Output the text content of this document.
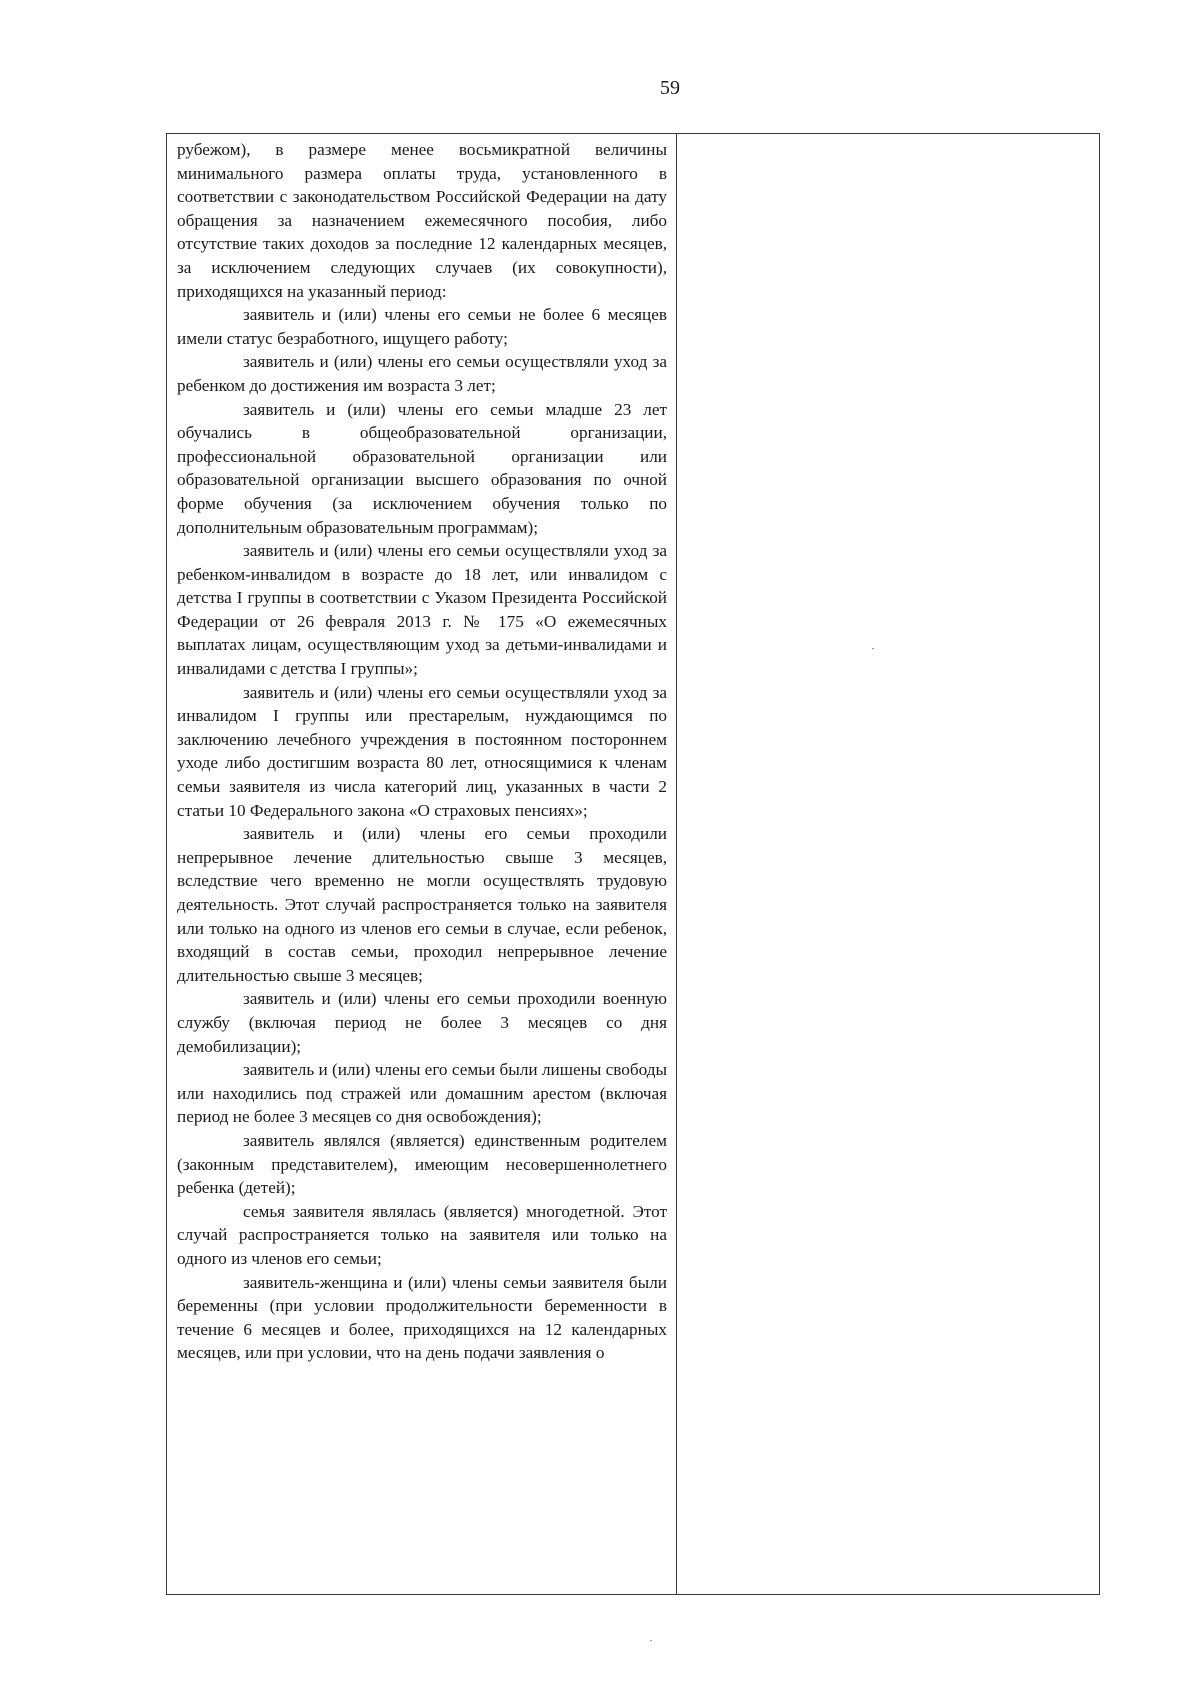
59

рубежом), в размере менее восьмикратной величины минимального размера оплаты труда, установленного в соответствии с законодательством Российской Федерации на дату обращения за назначением ежемесячного пособия, либо отсутствие таких доходов за последние 12 календарных месяцев, за исключением следующих случаев (их совокупности), приходящихся на указанный период:

заявитель и (или) члены его семьи не более 6 месяцев имели статус безработного, ищущего работу;

заявитель и (или) члены его семьи осуществляли уход за ребенком до достижения им возраста 3 лет;

заявитель и (или) члены его семьи младше 23 лет обучались в общеобразовательной организации, профессиональной образовательной организации или образовательной организации высшего образования по очной форме обучения (за исключением обучения только по дополнительным образовательным программам);

заявитель и (или) члены его семьи осуществляли уход за ребенком-инвалидом в возрасте до 18 лет, или инвалидом с детства I группы в соответствии с Указом Президента Российской Федерации от 26 февраля 2013 г. № 175 «О ежемесячных выплатах лицам, осуществляющим уход за детьми-инвалидами и инвалидами с детства I группы»;

заявитель и (или) члены его семьи осуществляли уход за инвалидом I группы или престарелым, нуждающимся по заключению лечебного учреждения в постоянном постороннем уходе либо достигшим возраста 80 лет, относящимися к членам семьи заявителя из числа категорий лиц, указанных в части 2 статьи 10 Федерального закона «О страховых пенсиях»;

заявитель и (или) члены его семьи проходили непрерывное лечение длительностью свыше 3 месяцев, вследствие чего временно не могли осуществлять трудовую деятельность. Этот случай распространяется только на заявителя или только на одного из членов его семьи в случае, если ребенок, входящий в состав семьи, проходил непрерывное лечение длительностью свыше 3 месяцев;

заявитель и (или) члены его семьи проходили военную службу (включая период не более 3 месяцев со дня демобилизации);

заявитель и (или) члены его семьи были лишены свободы или находились под стражей или домашним арестом (включая период не более 3 месяцев со дня освобождения);

заявитель являлся (является) единственным родителем (законным представителем), имеющим несовершеннолетнего ребенка (детей);

семья заявителя являлась (является) многодетной. Этот случай распространяется только на заявителя или только на одного из членов его семьи;

заявитель-женщина и (или) члены семьи заявителя были беременны (при условии продолжительности беременности в течение 6 месяцев и более, приходящихся на 12 календарных месяцев, или при условии, что на день подачи заявления о
